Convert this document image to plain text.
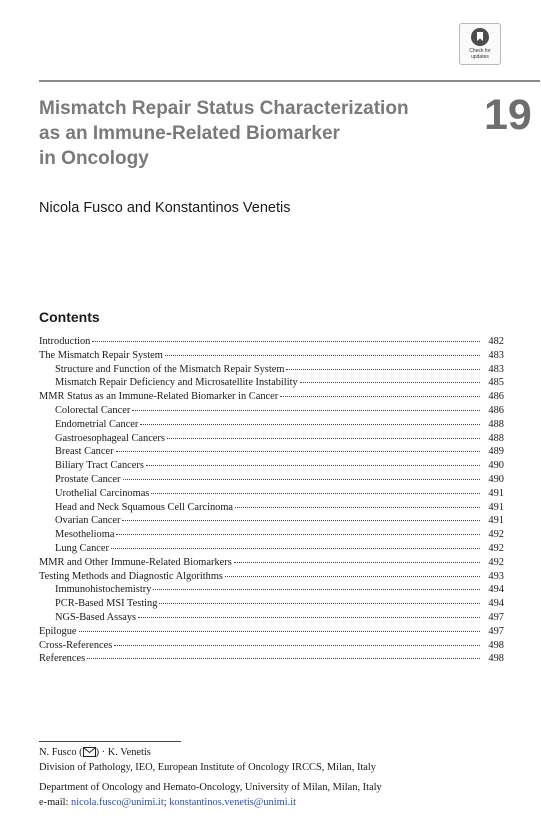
Check for
updates
Mismatch Repair Status Characterization
as an Immune-Related Biomarker
in Oncology
19
Nicola Fusco and Konstantinos Venetis
Contents
Introduction	482
The Mismatch Repair System	483
Structure and Function of the Mismatch Repair System	483
Mismatch Repair Deficiency and Microsatellite Instability	485
MMR Status as an Immune-Related Biomarker in Cancer	486
Colorectal Cancer	486
Endometrial Cancer	488
Gastroesophageal Cancers	488
Breast Cancer	489
Biliary Tract Cancers	490
Prostate Cancer	490
Urothelial Carcinomas	491
Head and Neck Squamous Cell Carcinoma	491
Ovarian Cancer	491
Mesothelioma	492
Lung Cancer	492
MMR and Other Immune-Related Biomarkers	492
Testing Methods and Diagnostic Algorithms	493
Immunohistochemistry	494
PCR-Based MSI Testing	494
NGS-Based Assays	497
Epilogue	497
Cross-References	498
References	498

N. Fusco ( ) · K. Venetis

Division of Pathology, IEO, European Institute of Oncology IRCCS, Milan, Italy

Department of Oncology and Hemato-Oncology, University of Milan, Milan, Italy

e-mail: nicola.fusco@unimi.it; konstantinos.venetis@unimi.it
